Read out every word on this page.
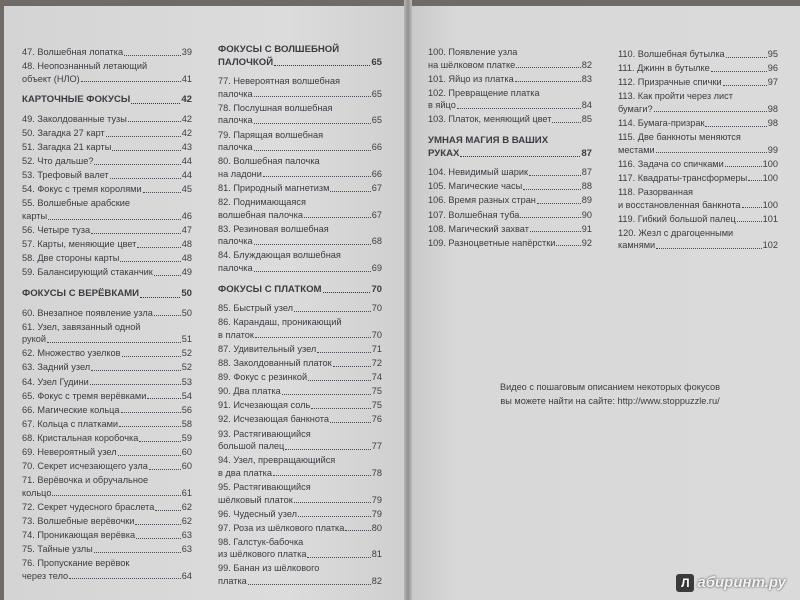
47. Волшебная лопатка	39
48. Неопознанный летающий
объект (НЛО)	41
КАРТОЧНЫЕ ФОКУСЫ	42
49. Заколдованные тузы	42
50. Загадка 27 карт	42
51. Загадка 21 карты	43
52. Что дальше?	44
53. Трефовый валет	44
54. Фокус с тремя королями	45
55. Волшебные арабские
карты	46
56. Четыре туза	47
57. Карты, меняющие цвет	48
58. Две стороны карты	48
59. Балансирующий стаканчик	49
ФОКУСЫ С ВЕРЁВКАМИ	50
60. Внезапное появление узла	50
61. Узел, завязанный одной
рукой	51
62. Множество узелков	52
63. Задний узел	52
64. Узел Гудини	53
65. Фокус с тремя верёвками	54
66. Магические кольца	56
67. Кольца с платками	58
68. Кристальная коробочка	59
69. Невероятный узел	60
70. Секрет исчезающего узла	60
71. Верёвочка и обручальное
кольцо	61
72. Секрет чудесного браслета	62
73. Волшебные верёвочки	62
74. Проникающая верёвка	63
75. Тайные узлы	63
76. Пропускание верёвок
через тело	64
ФОКУСЫ С ВОЛШЕБНОЙ
ПАЛОЧКОЙ	65
77. Невероятная волшебная
палочка	65
78. Послушная волшебная
палочка	65
79. Парящая волшебная
палочка	66
80. Волшебная палочка
на ладони	66
81. Природный магнетизм	67
82. Поднимающаяся
волшебная палочка	67
83. Резиновая волшебная
палочка	68
84. Блуждающая волшебная
палочка	69
ФОКУСЫ С ПЛАТКОМ	70
85. Быстрый узел	70
86. Карандаш, проникающий
в платок	70
87. Удивительный узел	71
88. Заколдованный платок	72
89. Фокус с резинкой	74
90. Два платка	75
91. Исчезающая соль	75
92. Исчезающая банкнота	76
93. Растягивающийся
большой палец	77
94. Узел, превращающийся
в два платка	78
95. Растягивающийся
шёлковый платок	79
96. Чудесный узел	79
97. Роза из шёлкового платка	80
98. Галстук-бабочка
из шёлкового платка	81
99. Банан из шёлкового
платка	82
100. Появление узла
на шёлковом платке	82
101. Яйцо из платка	83
102. Превращение платка
в яйцо	84
103. Платок, меняющий цвет	85
УМНАЯ МАГИЯ В ВАШИХ
РУКАХ	87
104. Невидимый шарик	87
105. Магические часы	88
106. Время разных стран	89
107. Волшебная туба	90
108. Магический захват	91
109. Разноцветные напёрстки	92
110. Волшебная бутылка	95
111. Джинн в бутылке	96
112. Призрачные спички	97
113. Как пройти через лист
бумаги?	98
114. Бумага-призрак	98
115. Две банкноты меняются
местами	99
116. Задача со спичками	100
117. Квадраты-трансформеры 100
118. Разорванная
и восстановленная банкнота 100
119. Гибкий большой палец	101
120. Жезл с драгоценными
камнями	102
Видео с пошаговым описанием некоторых фокусов
вы можете найти на сайте: http://www.stoppuzzle.ru/
Л абиринт.ру
